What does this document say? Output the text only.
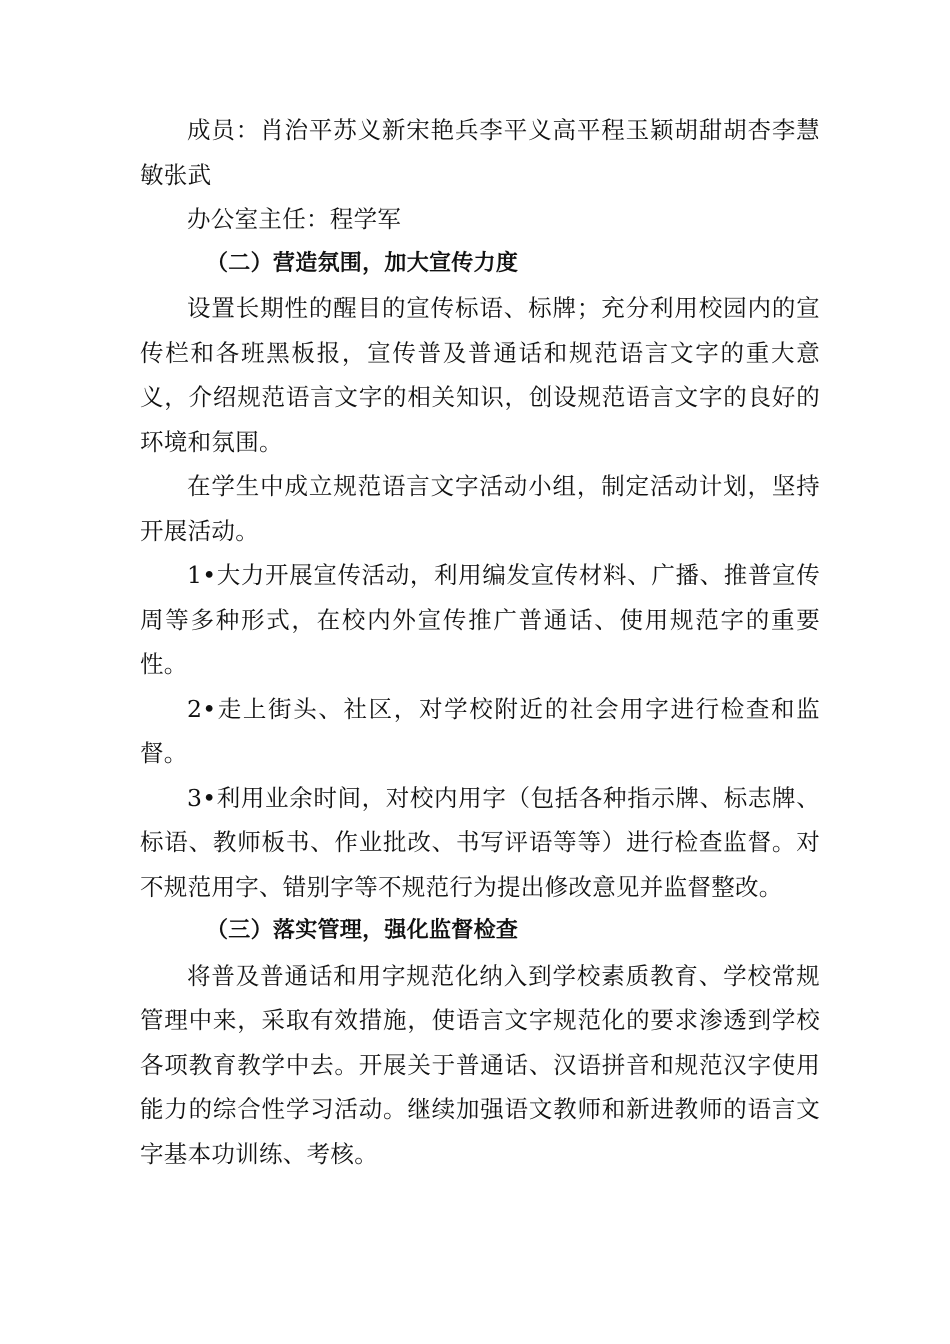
成员：肖治平苏义新宋艳兵李平义高平程玉颖胡甜胡杏李慧敏张武

办公室主任：程学军

（二）营造氛围，加大宣传力度

设置长期性的醒目的宣传标语、标牌；充分利用校园内的宣传栏和各班黑板报，宣传普及普通话和规范语言文字的重大意义，介绍规范语言文字的相关知识，创设规范语言文字的良好的环境和氛围。

在学生中成立规范语言文字活动小组，制定活动计划，坚持开展活动。

1•大力开展宣传活动，利用编发宣传材料、广播、推普宣传周等多种形式，在校内外宣传推广普通话、使用规范字的重要性。

2•走上街头、社区，对学校附近的社会用字进行检查和监督。

3•利用业余时间，对校内用字（包括各种指示牌、标志牌、标语、教师板书、作业批改、书写评语等等）进行检查监督。对不规范用字、错别字等不规范行为提出修改意见并监督整改。

（三）落实管理，强化监督检查

将普及普通话和用字规范化纳入到学校素质教育、学校常规管理中来，采取有效措施，使语言文字规范化的要求渗透到学校各项教育教学中去。开展关于普通话、汉语拼音和规范汉字使用能力的综合性学习活动。继续加强语文教师和新进教师的语言文字基本功训练、考核。
